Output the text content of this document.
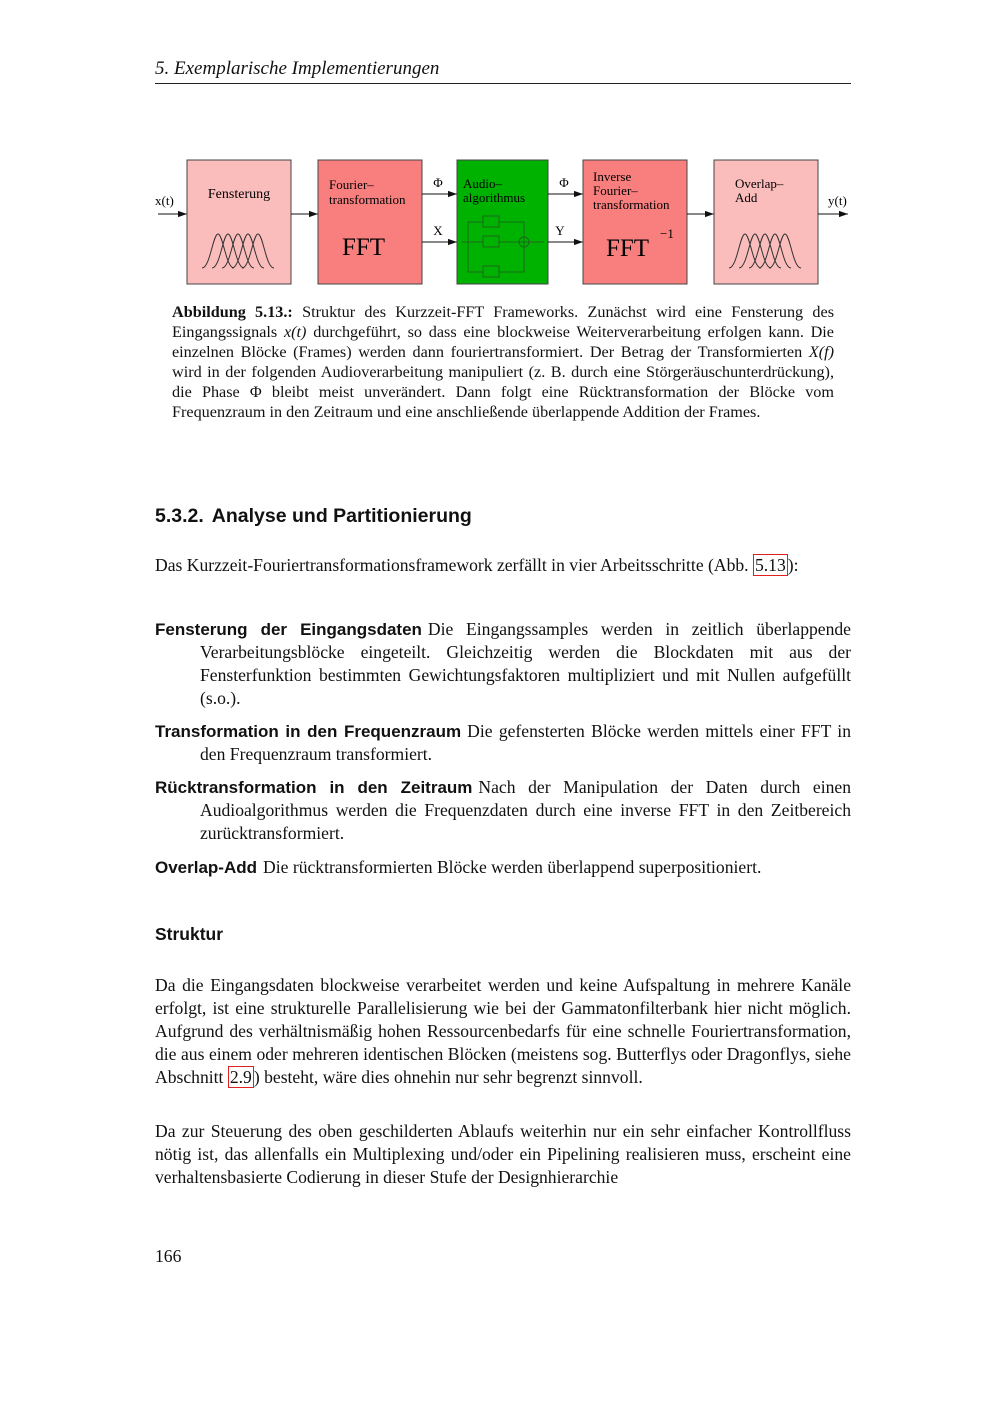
5. Exemplarische Implementierungen
x(t) Fensterung
Fourier–
transformation
FFT
Φ
X
Audio–
algorithmus
Φ
Y
Inverse
Fourier–
transformation
FFT
−1
Overlap–
Add	y(t)
Abbildung 5.13.: Struktur des Kurzzeit-FFT Frameworks. Zunächst wird eine Fensterung des Eingangssignals x(t) durchgeführt, so dass eine blockweise Weiterverarbeitung erfolgen kann. Die einzelnen Blöcke (Frames) werden dann fouriertransformiert. Der Betrag der Transformierten X(f) wird in der folgenden Audioverarbeitung manipuliert (z. B. durch eine Störgeräuschunterdrückung), die Phase Φ bleibt meist unverändert. Dann folgt eine Rücktransformation der Blöcke vom Frequenzraum in den Zeitraum und eine anschließende überlappende Addition der Frames.
5.3.2. Analyse und Partitionierung
Das Kurzzeit-Fouriertransformationsframework zerfällt in vier Arbeitsschritte (Abb. 5.13 ):
Fensterung der Eingangsdaten Die Eingangssamples werden in zeitlich überlappende Verarbeitungsblöcke eingeteilt. Gleichzeitig werden die Blockdaten mit aus der Fensterfunktion bestimmten Gewichtungsfaktoren multipliziert und mit Nullen aufgefüllt (s.o.).
Transformation in den Frequenzraum Die gefensterten Blöcke werden mittels einer FFT in den Frequenzraum transformiert.
Rücktransformation in den Zeitraum Nach der Manipulation der Daten durch einen Audioalgorithmus werden die Frequenzdaten durch eine inverse FFT in den Zeitbereich zurücktransformiert.
Overlap-Add Die rücktransformierten Blöcke werden überlappend superpositioniert.
Struktur
Da die Eingangsdaten blockweise verarbeitet werden und keine Aufspaltung in mehrere Kanäle erfolgt, ist eine strukturelle Parallelisierung wie bei der Gammatonfilterbank hier nicht möglich. Aufgrund des verhältnismäßig hohen Ressourcenbedarfs für eine schnelle Fouriertransformation, die aus einem oder mehreren identischen Blöcken (meistens sog. Butterflys oder Dragonflys, siehe Abschnitt 2.9 ) besteht, wäre dies ohnehin nur sehr begrenzt sinnvoll.
Da zur Steuerung des oben geschilderten Ablaufs weiterhin nur ein sehr einfacher Kontrollfluss nötig ist, das allenfalls ein Multiplexing und/oder ein Pipelining realisieren muss, erscheint eine verhaltensbasierte Codierung in dieser Stufe der Designhierarchie
166
